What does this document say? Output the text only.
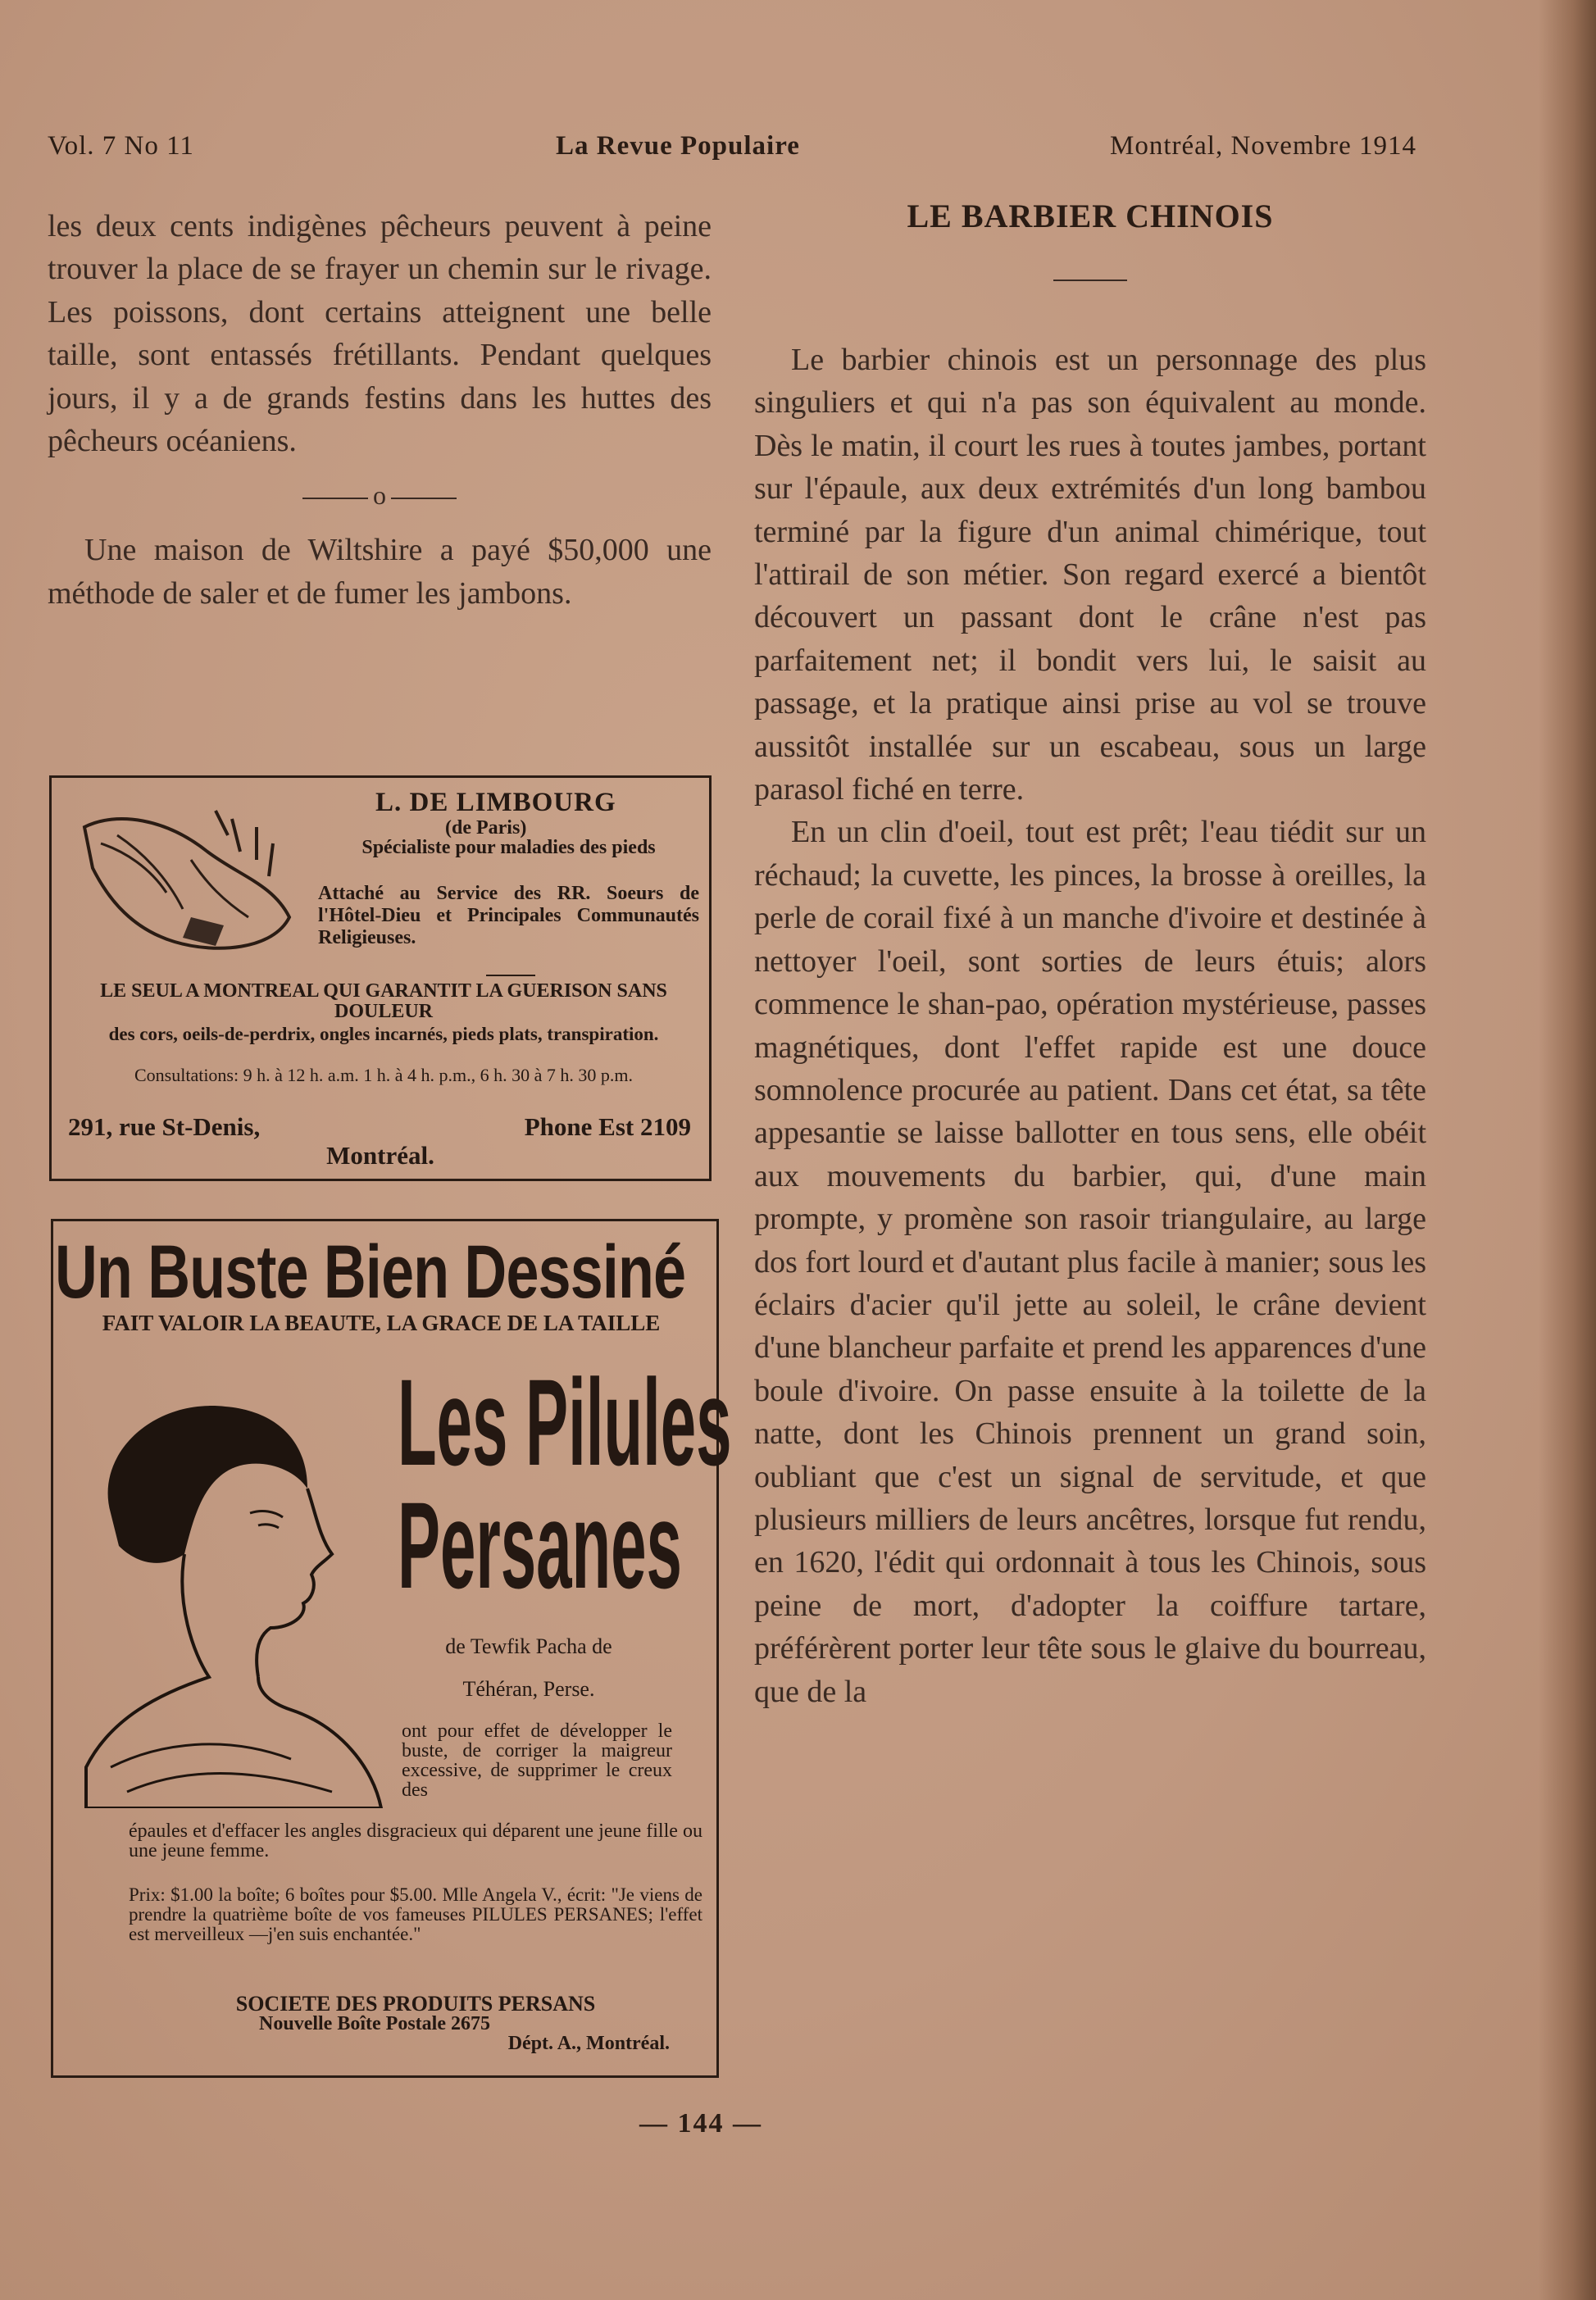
Vol. 7 No 11	La Revue Populaire	Montréal, Novembre 1914

les deux cents indigènes pêcheurs peuvent à peine trouver la place de se frayer un chemin sur le rivage. Les poissons, dont certains atteignent une belle taille, sont entassés frétillants. Pendant quelques jours, il y a de grands festins dans les huttes des pêcheurs océaniens.

o

Une maison de Wiltshire a payé $50,000 une méthode de saler et de fumer les jambons.

L. DE LIMBOURG
(de Paris)
Spécialiste pour maladies des pieds
Attaché au Service des RR. Soeurs de l'Hôtel-Dieu et Principales Communautés Religieuses.
LE SEUL A MONTREAL QUI GARANTIT LA GUERISON SANS DOULEUR
des cors, oeils-de-perdrix, ongles incarnés, pieds plats, transpiration.
Consultations: 9 h. à 12 h. a.m. 1 h. à 4 h. p.m., 6 h. 30 à 7 h. 30 p.m.
291, rue St-Denis,	Phone Est 2109
Montréal.
Un Buste Bien Dessiné
FAIT VALOIR LA BEAUTE, LA GRACE DE LA TAILLE
Les Pilules
Persanes
de Tewfik Pacha de
Téhéran, Perse.
ont pour effet de développer le buste, de corriger la maigreur excessive, de supprimer le creux des
épaules et d'effacer les angles disgracieux qui déparent une jeune fille ou une jeune femme.
Prix: $1.00 la boîte; 6 boîtes pour $5.00. Mlle Angela V., écrit: "Je viens de prendre la quatrième boîte de vos fameuses PILULES PERSANES; l'effet est merveilleux —j'en suis enchantée."
SOCIETE DES PRODUITS PERSANS
Nouvelle Boîte Postale 2675
Dépt. A., Montréal.
LE BARBIER CHINOIS

Le barbier chinois est un personnage des plus singuliers et qui n'a pas son équivalent au monde. Dès le matin, il court les rues à toutes jambes, portant sur l'épaule, aux deux extrémités d'un long bambou terminé par la figure d'un animal chimérique, tout l'attirail de son métier. Son regard exercé a bientôt découvert un passant dont le crâne n'est pas parfaitement net; il bondit vers lui, le saisit au passage, et la pratique ainsi prise au vol se trouve aussitôt installée sur un escabeau, sous un large parasol fiché en terre.

En un clin d'oeil, tout est prêt; l'eau tiédit sur un réchaud; la cuvette, les pinces, la brosse à oreilles, la perle de corail fixé à un manche d'ivoire et destinée à nettoyer l'oeil, sont sorties de leurs étuis; alors commence le shan-pao, opération mystérieuse, passes magnétiques, dont l'effet rapide est une douce somnolence procurée au patient. Dans cet état, sa tête appesantie se laisse ballotter en tous sens, elle obéit aux mouvements du barbier, qui, d'une main prompte, y promène son rasoir triangulaire, au large dos fort lourd et d'autant plus facile à manier; sous les éclairs d'acier qu'il jette au soleil, le crâne devient d'une blancheur parfaite et prend les apparences d'une boule d'ivoire. On passe ensuite à la toilette de la natte, dont les Chinois prennent un grand soin, oubliant que c'est un signal de servitude, et que plusieurs milliers de leurs ancêtres, lorsque fut rendu, en 1620, l'édit qui ordonnait à tous les Chinois, sous peine de mort, d'adopter la coiffure tartare, préférèrent porter leur tête sous le glaive du bourreau, que de la

— 144 —
